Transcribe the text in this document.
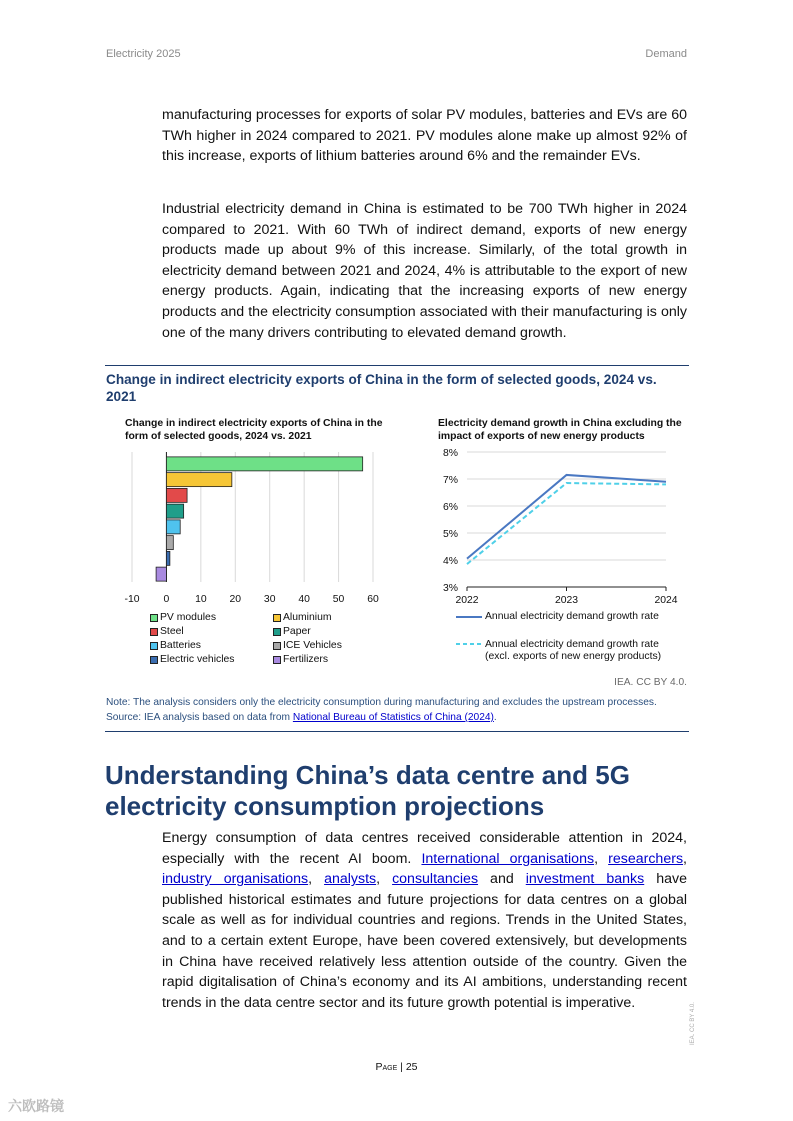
Electricity 2025	Demand

manufacturing processes for exports of solar PV modules, batteries and EVs are 60 TWh higher in 2024 compared to 2021. PV modules alone make up almost 92% of this increase, exports of lithium batteries around 6% and the remainder EVs.

Industrial electricity demand in China is estimated to be 700 TWh higher in 2024 compared to 2021. With 60 TWh of indirect demand, exports of new energy products made up about 9% of this increase. Similarly, of the total growth in electricity demand between 2021 and 2024, 4% is attributable to the export of new energy products. Again, indicating that the increasing exports of new energy products and the electricity consumption associated with their manufacturing is only one of the many drivers contributing to elevated demand growth.

Change in indirect electricity exports of China in the form of selected goods, 2024 vs. 2021
Change in indirect electricity exports of China in the form of selected goods, 2024 vs. 2021
Electricity demand growth in China excluding the impact of exports of new energy products
-10 0 10 20 30 40 50 60
PV modules	Aluminium
Steel	Paper
Batteries	ICE Vehicles
Electric vehicles	Fertilizers
3%
4%
5%
6%
7%
8%
2022	2023	2024
Annual electricity demand growth rate
Annual electricity demand growth rate
(excl. exports of new energy products)
IEA. CC BY 4.0.
Note: The analysis considers only the electricity consumption during manufacturing and excludes the upstream processes.
Source: IEA analysis based on data from National Bureau of Statistics of China (2024).
Understanding China’s data centre and 5G electricity consumption projections

Energy consumption of data centres received considerable attention in 2024, especially with the recent AI boom. International organisations, researchers, industry organisations, analysts, consultancies and investment banks have published historical estimates and future projections for data centres on a global scale as well as for individual countries and regions. Trends in the United States, and to a certain extent Europe, have been covered extensively, but developments in China have received relatively less attention outside of the country. Given the rapid digitalisation of China’s economy and its AI ambitions, understanding recent trends in the data centre sector and its future growth potential is imperative.

Page | 25
IEA. CC BY 4.0.
六欧路镜
